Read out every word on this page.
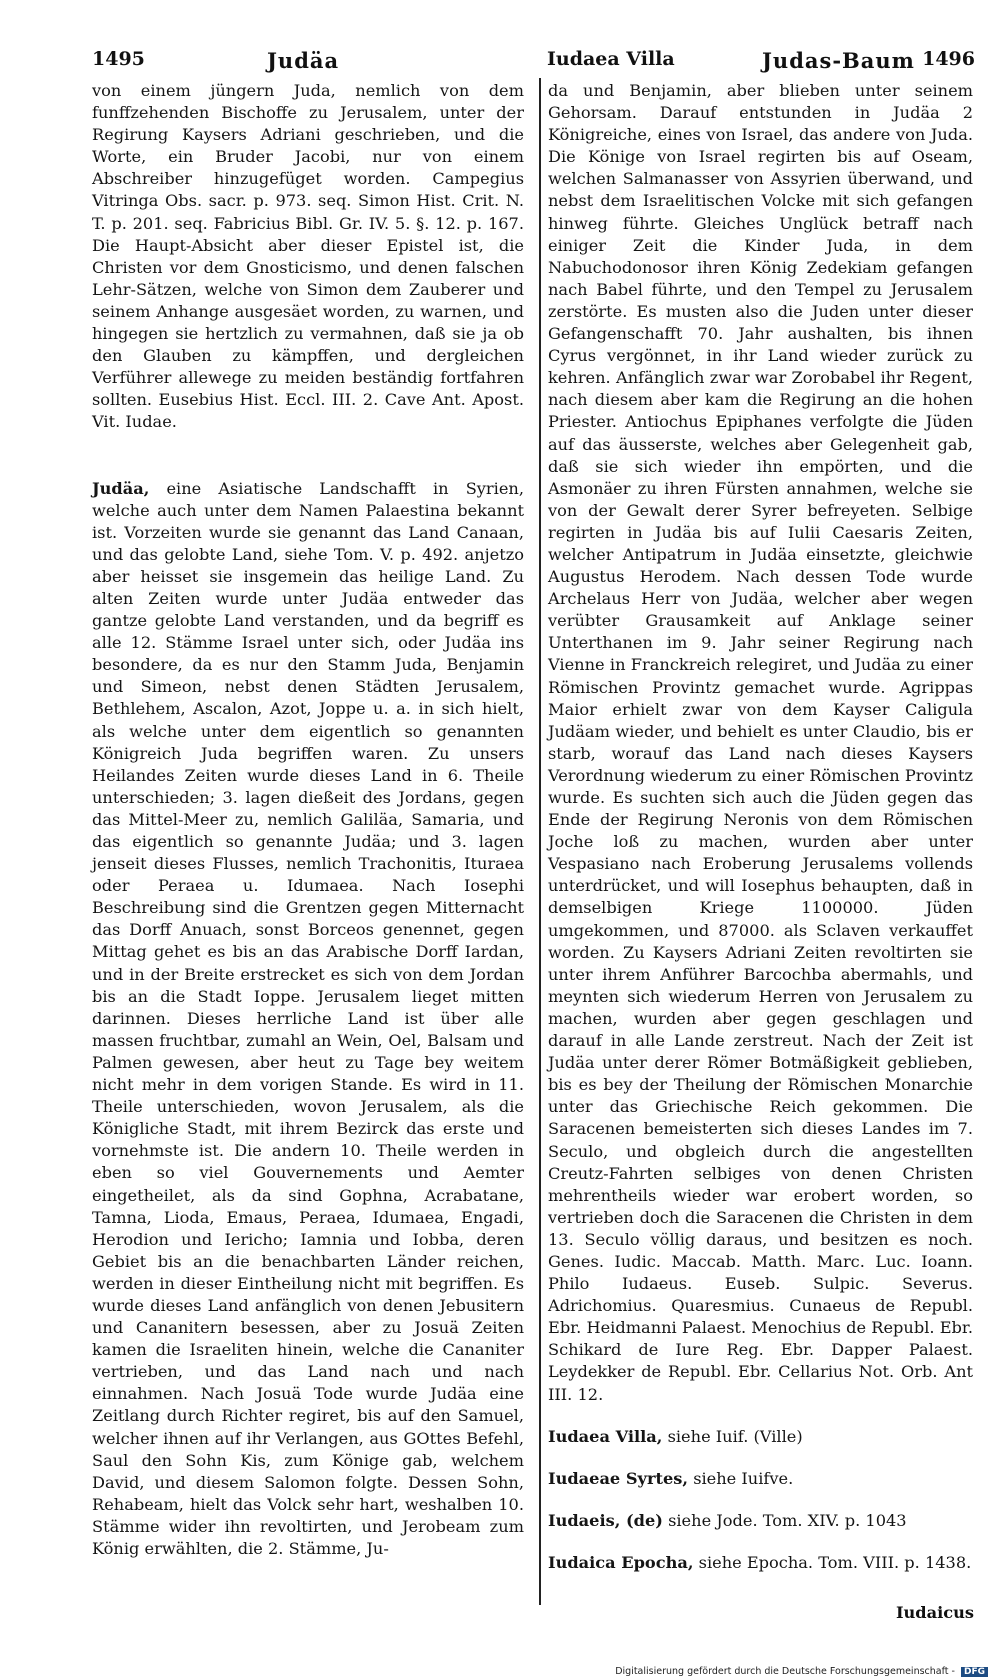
1495	Judäa	Iudaea Villa	Judas-Baum 1496

von einem jüngern Juda, nemlich von dem funffzehenden Bischoffe zu Jerusalem, unter der Regirung Kaysers Adriani geschrieben, und die Worte, ein Bruder Jacobi, nur von einem Abschreiber hinzugefüget worden. Campegius Vitringa Obs. sacr. p. 973. seq. Simon Hist. Crit. N. T. p. 201. seq. Fabricius Bibl. Gr. IV. 5. §. 12. p. 167. Die Haupt-Absicht aber dieser Epistel ist, die Christen vor dem Gnosticismo, und denen falschen Lehr-Sätzen, welche von Simon dem Zauberer und seinem Anhange ausgesäet worden, zu warnen, und hingegen sie hertzlich zu vermahnen, daß sie ja ob den Glauben zu kämpffen, und dergleichen Verführer allewege zu meiden beständig fortfahren sollten. Eusebius Hist. Eccl. III. 2. Cave Ant. Apost. Vit. Iudae.

Judäa, eine Asiatische Landschafft in Syrien, welche auch unter dem Namen Palaestina bekannt ist. Vorzeiten wurde sie genannt das Land Canaan, und das gelobte Land, siehe Tom. V. p. 492. anjetzo aber heisset sie insgemein das heilige Land. Zu alten Zeiten wurde unter Judäa entweder das gantze gelobte Land verstanden, und da begriff es alle 12. Stämme Israel unter sich, oder Judäa ins besondere, da es nur den Stamm Juda, Benjamin und Simeon, nebst denen Städten Jerusalem, Bethlehem, Ascalon, Azot, Joppe u. a. in sich hielt, als welche unter dem eigentlich so genannten Königreich Juda begriffen waren. Zu unsers Heilandes Zeiten wurde dieses Land in 6. Theile unterschieden; 3. lagen dießeit des Jordans, gegen das Mittel-Meer zu, nemlich Galiläa, Samaria, und das eigentlich so genannte Judäa; und 3. lagen jenseit dieses Flusses, nemlich Trachonitis, Ituraea oder Peraea u. Idumaea. Nach Iosephi Beschreibung sind die Grentzen gegen Mitternacht das Dorff Anuach, sonst Borceos genennet, gegen Mittag gehet es bis an das Arabische Dorff Iardan, und in der Breite erstrecket es sich von dem Jordan bis an die Stadt Ioppe. Jerusalem lieget mitten darinnen. Dieses herrliche Land ist über alle massen fruchtbar, zumahl an Wein, Oel, Balsam und Palmen gewesen, aber heut zu Tage bey weitem nicht mehr in dem vorigen Stande. Es wird in 11. Theile unterschieden, wovon Jerusalem, als die Königliche Stadt, mit ihrem Bezirck das erste und vornehmste ist. Die andern 10. Theile werden in eben so viel Gouvernements und Aemter eingetheilet, als da sind Gophna, Acrabatane, Tamna, Lioda, Emaus, Peraea, Idumaea, Engadi, Herodion und Iericho; Iamnia und Iobba, deren Gebiet bis an die benachbarten Länder reichen, werden in dieser Eintheilung nicht mit begriffen. Es wurde dieses Land anfänglich von denen Jebusitern und Cananitern besessen, aber zu Josuä Zeiten kamen die Israeliten hinein, welche die Cananiter vertrieben, und das Land nach und nach einnahmen. Nach Josuä Tode wurde Judäa eine Zeitlang durch Richter regiret, bis auf den Samuel, welcher ihnen auf ihr Verlangen, aus GOttes Befehl, Saul den Sohn Kis, zum Könige gab, welchem David, und diesem Salomon folgte. Dessen Sohn, Rehabeam, hielt das Volck sehr hart, weshalben 10. Stämme wider ihn revoltirten, und Jerobeam zum König erwählten, die 2. Stämme, Ju-

da und Benjamin, aber blieben unter seinem Gehorsam. Darauf entstunden in Judäa 2 Königreiche, eines von Israel, das andere von Juda. Die Könige von Israel regirten bis auf Oseam, welchen Salmanasser von Assyrien überwand, und nebst dem Israelitischen Volcke mit sich gefangen hinweg führte. Gleiches Unglück betraff nach einiger Zeit die Kinder Juda, in dem Nabuchodonosor ihren König Zedekiam gefangen nach Babel führte, und den Tempel zu Jerusalem zerstörte. Es musten also die Juden unter dieser Gefangenschafft 70. Jahr aushalten, bis ihnen Cyrus vergönnet, in ihr Land wieder zurück zu kehren. Anfänglich zwar war Zorobabel ihr Regent, nach diesem aber kam die Regirung an die hohen Priester. Antiochus Epiphanes verfolgte die Jüden auf das äusserste, welches aber Gelegenheit gab, daß sie sich wieder ihn empörten, und die Asmonäer zu ihren Fürsten annahmen, welche sie von der Gewalt derer Syrer befreyeten. Selbige regirten in Judäa bis auf Iulii Caesaris Zeiten, welcher Antipatrum in Judäa einsetzte, gleichwie Augustus Herodem. Nach dessen Tode wurde Archelaus Herr von Judäa, welcher aber wegen verübter Grausamkeit auf Anklage seiner Unterthanen im 9. Jahr seiner Regirung nach Vienne in Franckreich relegiret, und Judäa zu einer Römischen Provintz gemachet wurde. Agrippas Maior erhielt zwar von dem Kayser Caligula Judäam wieder, und behielt es unter Claudio, bis er starb, worauf das Land nach dieses Kaysers Verordnung wiederum zu einer Römischen Provintz wurde. Es suchten sich auch die Jüden gegen das Ende der Regirung Neronis von dem Römischen Joche loß zu machen, wurden aber unter Vespasiano nach Eroberung Jerusalems vollends unterdrücket, und will Iosephus behaupten, daß in demselbigen Kriege 1100000. Jüden umgekommen, und 87000. als Sclaven verkauffet worden. Zu Kaysers Adriani Zeiten revoltirten sie unter ihrem Anführer Barcochba abermahls, und meynten sich wiederum Herren von Jerusalem zu machen, wurden aber gegen geschlagen und darauf in alle Lande zerstreut. Nach der Zeit ist Judäa unter derer Römer Botmäßigkeit geblieben, bis es bey der Theilung der Römischen Monarchie unter das Griechische Reich gekommen. Die Saracenen bemeisterten sich dieses Landes im 7. Seculo, und obgleich durch die angestellten Creutz-Fahrten selbiges von denen Christen mehrentheils wieder war erobert worden, so vertrieben doch die Saracenen die Christen in dem 13. Seculo völlig daraus, und besitzen es noch. Genes. Iudic. Maccab. Matth. Marc. Luc. Ioann. Philo Iudaeus. Euseb. Sulpic. Severus. Adrichomius. Quaresmius. Cunaeus de Republ. Ebr. Heidmanni Palaest. Menochius de Republ. Ebr. Schikard de Iure Reg. Ebr. Dapper Palaest. Leydekker de Republ. Ebr. Cellarius Not. Orb. Ant III. 12.

Iudaea Villa, siehe Iuif. (Ville)

Iudaeae Syrtes, siehe Iuifve.

Iudaeis, (de) siehe Jode. Tom. XIV. p. 1043

Iudaica Epocha, siehe Epocha. Tom. VIII. p. 1438.

Iudaicus
Digitalisierung gefördert durch die Deutsche Forschungsgemeinschaft - DFG
